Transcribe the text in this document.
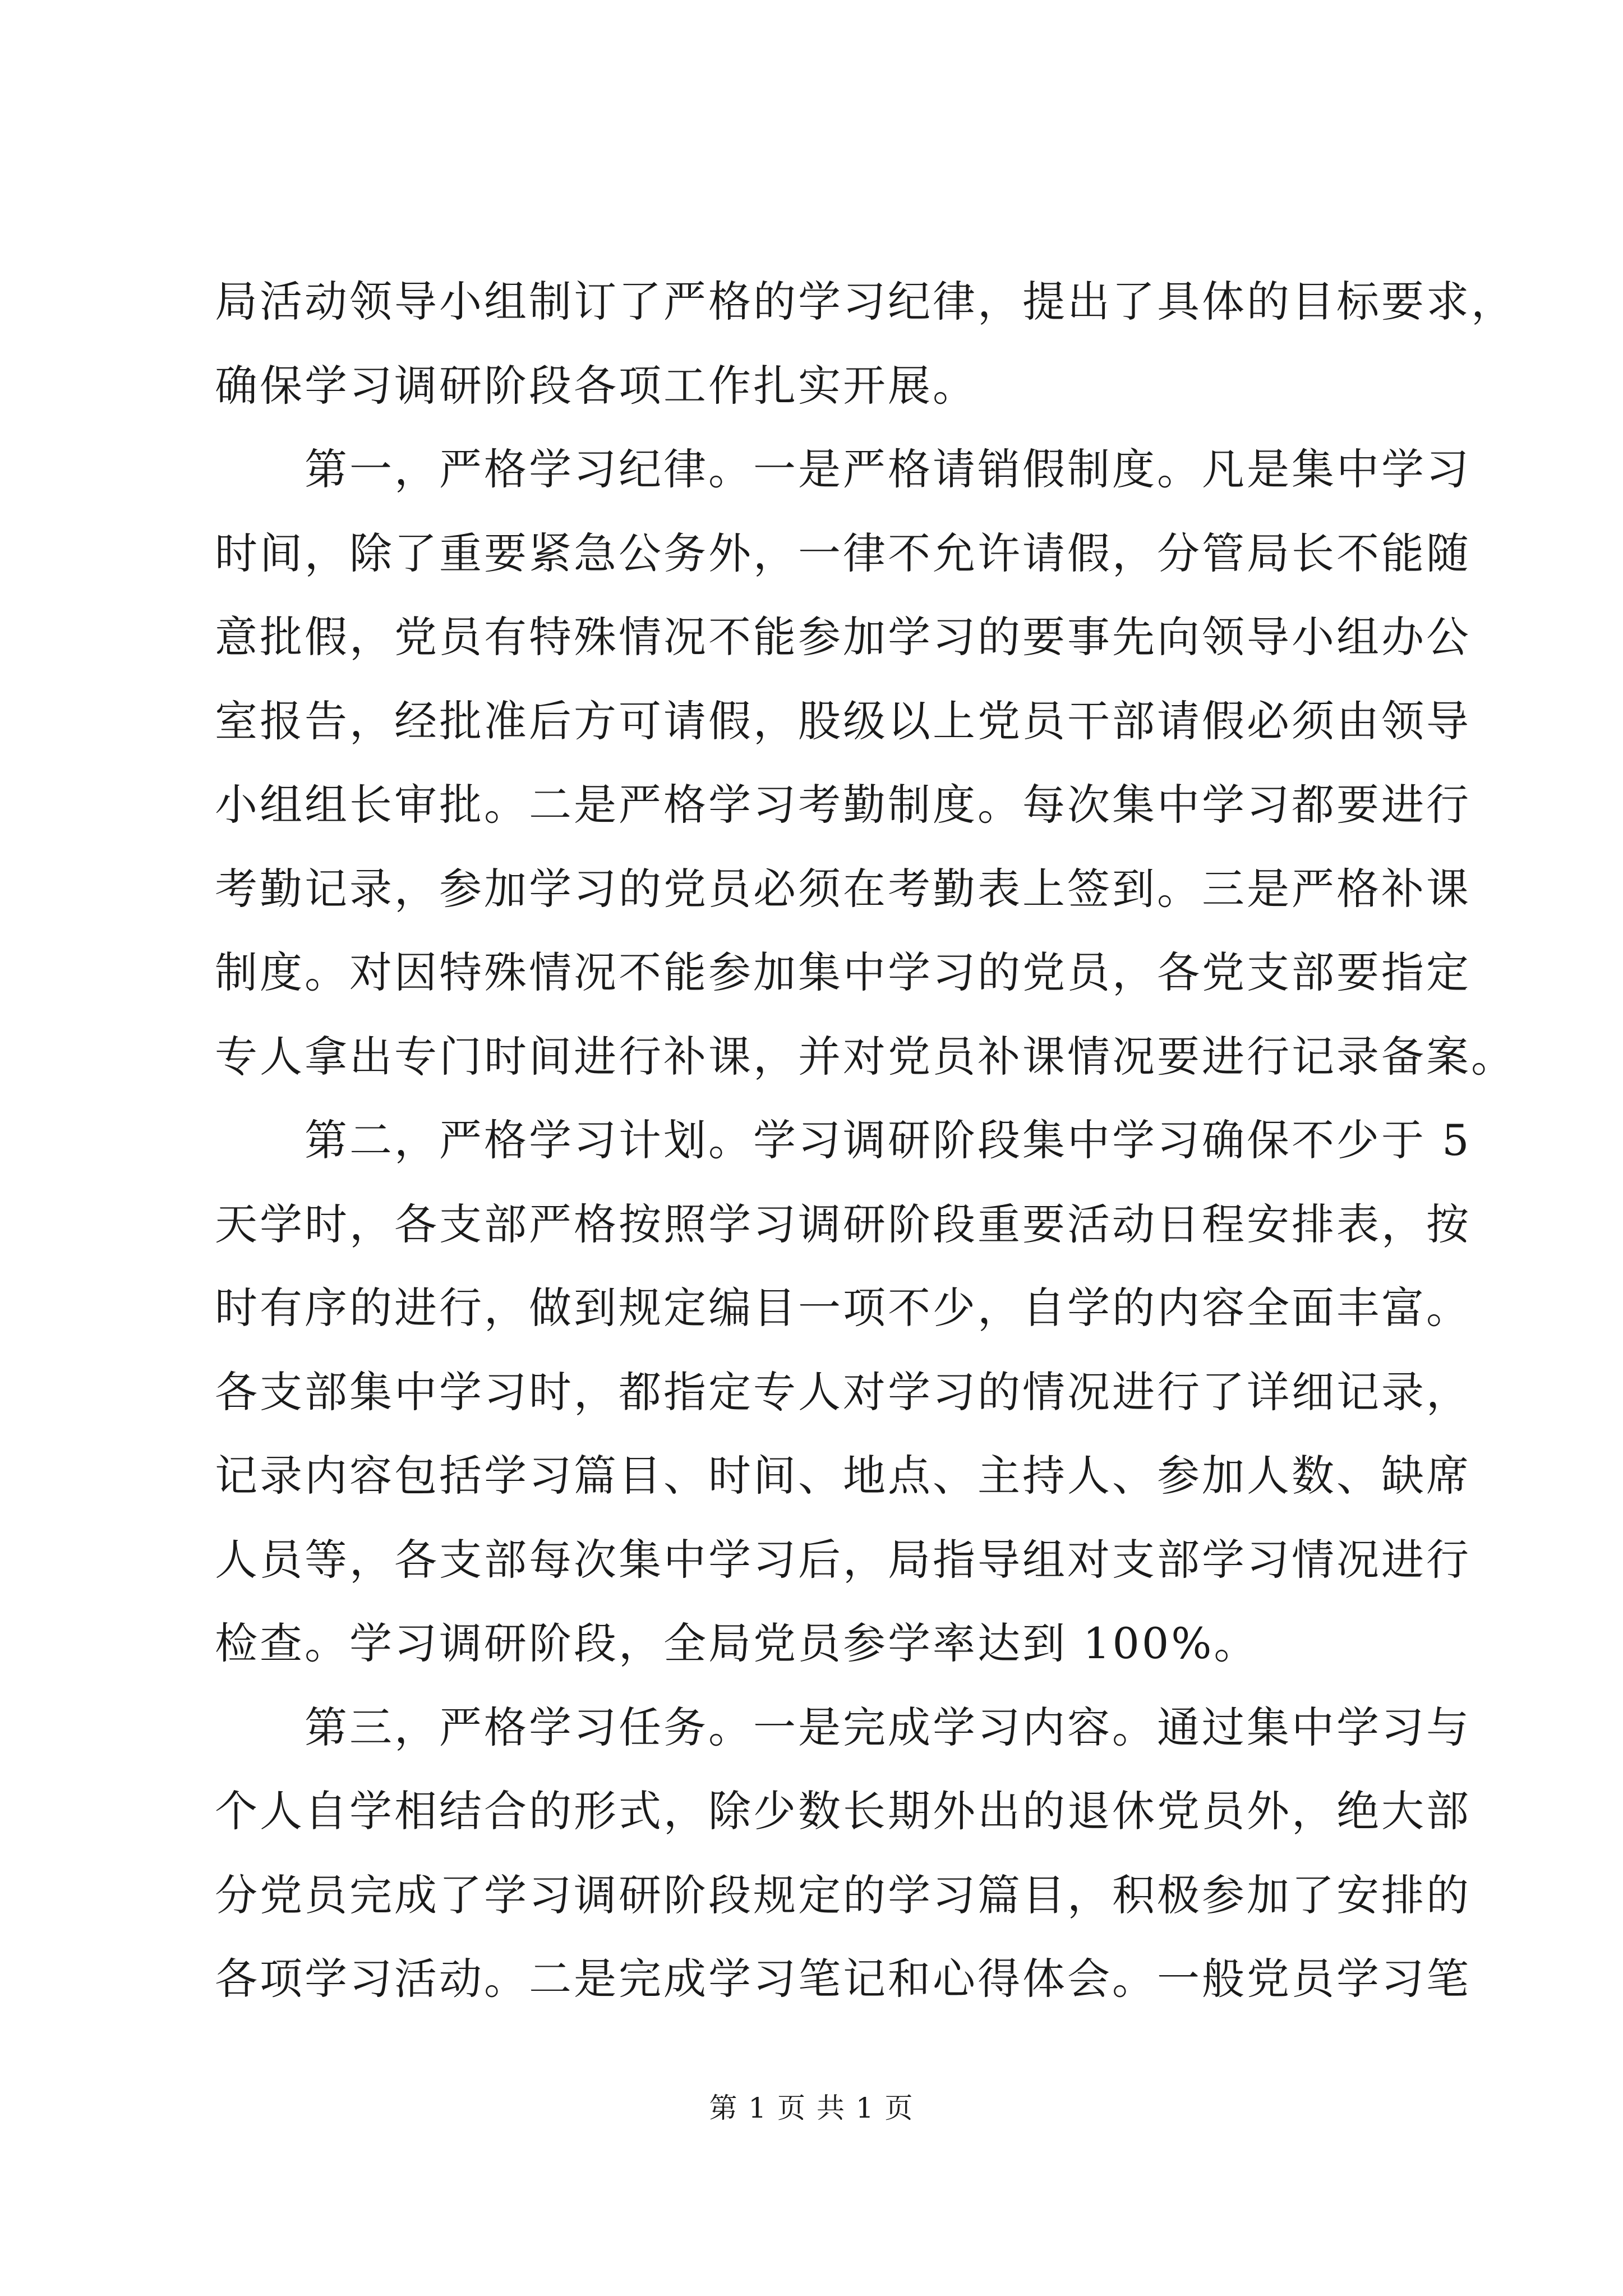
局活动领导小组制订了严格的学习纪律，提出了具体的目标要求，
确保学习调研阶段各项工作扎实开展。
　　第一，严格学习纪律。一是严格请销假制度。凡是集中学习
时间，除了重要紧急公务外，一律不允许请假，分管局长不能随
意批假，党员有特殊情况不能参加学习的要事先向领导小组办公
室报告，经批准后方可请假，股级以上党员干部请假必须由领导
小组组长审批。二是严格学习考勤制度。每次集中学习都要进行
考勤记录，参加学习的党员必须在考勤表上签到。三是严格补课
制度。对因特殊情况不能参加集中学习的党员，各党支部要指定
专人拿出专门时间进行补课，并对党员补课情况要进行记录备案。
　　第二，严格学习计划。学习调研阶段集中学习确保不少于 5
天学时，各支部严格按照学习调研阶段重要活动日程安排表，按
时有序的进行，做到规定编目一项不少，自学的内容全面丰富。
各支部集中学习时，都指定专人对学习的情况进行了详细记录，
记录内容包括学习篇目、时间、地点、主持人、参加人数、缺席
人员等，各支部每次集中学习后，局指导组对支部学习情况进行
检查。学习调研阶段，全局党员参学率达到 100%。
　　第三，严格学习任务。一是完成学习内容。通过集中学习与
个人自学相结合的形式，除少数长期外出的退休党员外，绝大部
分党员完成了学习调研阶段规定的学习篇目，积极参加了安排的
各项学习活动。二是完成学习笔记和心得体会。一般党员学习笔
第 1 页 共 1 页
